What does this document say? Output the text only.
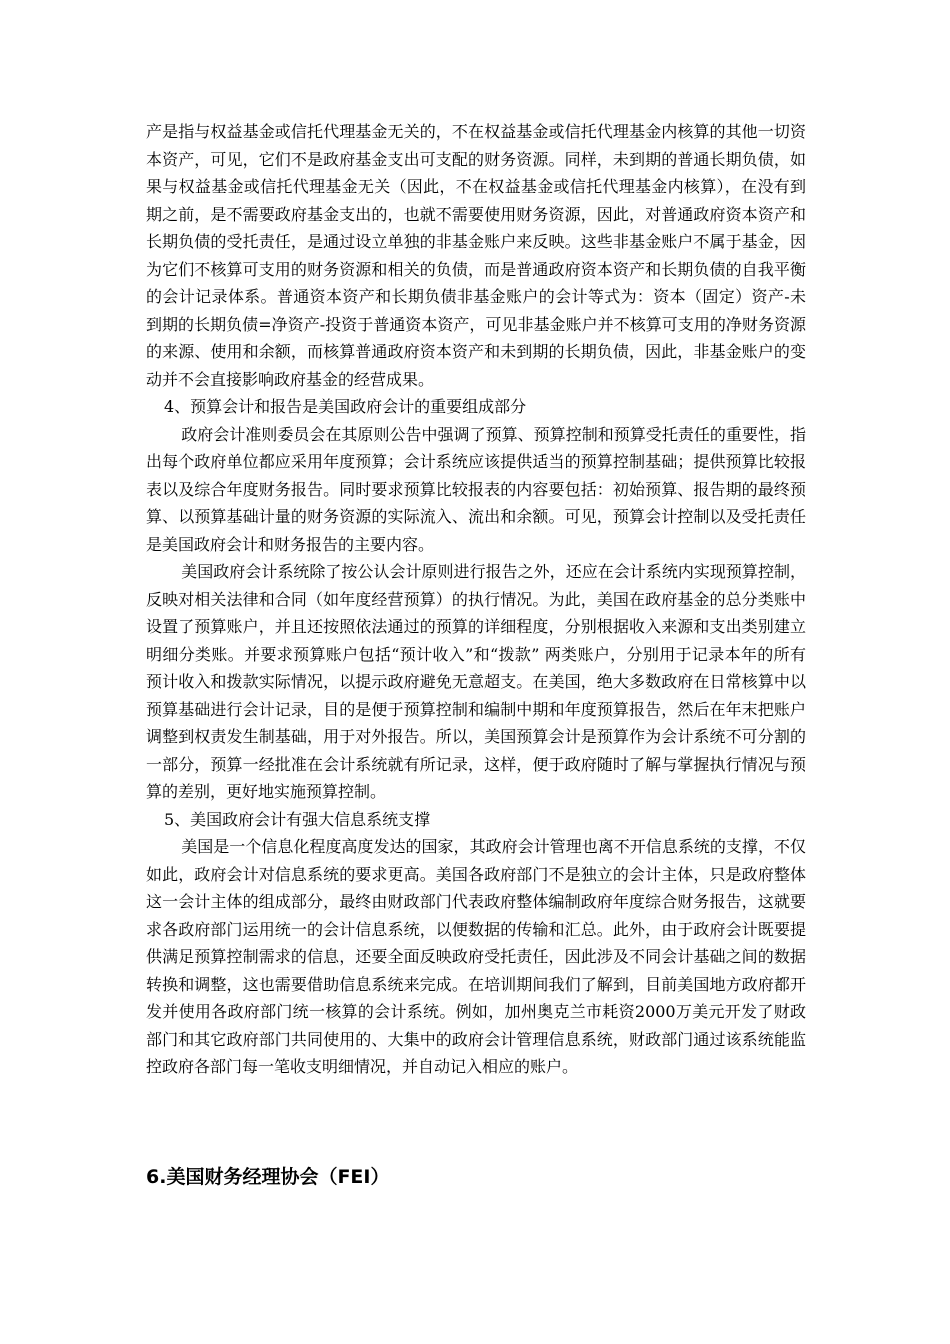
产是指与权益基金或信托代理基金无关的，不在权益基金或信托代理基金内核算的其他一切资本资产，可见，它们不是政府基金支出可支配的财务资源。同样，未到期的普通长期负债，如果与权益基金或信托代理基金无关（因此，不在权益基金或信托代理基金内核算），在没有到期之前，是不需要政府基金支出的，也就不需要使用财务资源，因此，对普通政府资本资产和长期负债的受托责任，是通过设立单独的非基金账户来反映。这些非基金账户不属于基金，因为它们不核算可支用的财务资源和相关的负债，而是普通政府资本资产和长期负债的自我平衡的会计记录体系。普通资本资产和长期负债非基金账户的会计等式为：资本（固定）资产-未到期的长期负债=净资产-投资于普通资本资产，可见非基金账户并不核算可支用的净财务资源的来源、使用和余额，而核算普通政府资本资产和未到期的长期负债，因此，非基金账户的变动并不会直接影响政府基金的经营成果。

4、预算会计和报告是美国政府会计的重要组成部分

政府会计准则委员会在其原则公告中强调了预算、预算控制和预算受托责任的重要性，指出每个政府单位都应采用年度预算；会计系统应该提供适当的预算控制基础；提供预算比较报表以及综合年度财务报告。同时要求预算比较报表的内容要包括：初始预算、报告期的最终预算、以预算基础计量的财务资源的实际流入、流出和余额。可见，预算会计控制以及受托责任是美国政府会计和财务报告的主要内容。

美国政府会计系统除了按公认会计原则进行报告之外，还应在会计系统内实现预算控制，反映对相关法律和合同（如年度经营预算）的执行情况。为此，美国在政府基金的总分类账中设置了预算账户，并且还按照依法通过的预算的详细程度，分别根据收入来源和支出类别建立明细分类账。并要求预算账户包括“预计收入”和“拨款” 两类账户，分别用于记录本年的所有预计收入和拨款实际情况，以提示政府避免无意超支。在美国，绝大多数政府在日常核算中以预算基础进行会计记录，目的是便于预算控制和编制中期和年度预算报告，然后在年末把账户调整到权责发生制基础，用于对外报告。所以，美国预算会计是预算作为会计系统不可分割的一部分，预算一经批准在会计系统就有所记录，这样，便于政府随时了解与掌握执行情况与预算的差别，更好地实施预算控制。

5、美国政府会计有强大信息系统支撑

美国是一个信息化程度高度发达的国家，其政府会计管理也离不开信息系统的支撑，不仅如此，政府会计对信息系统的要求更高。美国各政府部门不是独立的会计主体，只是政府整体这一会计主体的组成部分，最终由财政部门代表政府整体编制政府年度综合财务报告，这就要求各政府部门运用统一的会计信息系统，以便数据的传输和汇总。此外，由于政府会计既要提供满足预算控制需求的信息，还要全面反映政府受托责任，因此涉及不同会计基础之间的数据转换和调整，这也需要借助信息系统来完成。在培训期间我们了解到，目前美国地方政府都开发并使用各政府部门统一核算的会计系统。例如，加州奥克兰市耗资2000万美元开发了财政部门和其它政府部门共同使用的、大集中的政府会计管理信息系统，财政部门通过该系统能监控政府各部门每一笔收支明细情况，并自动记入相应的账户。

6.美国财务经理协会（FEI）
